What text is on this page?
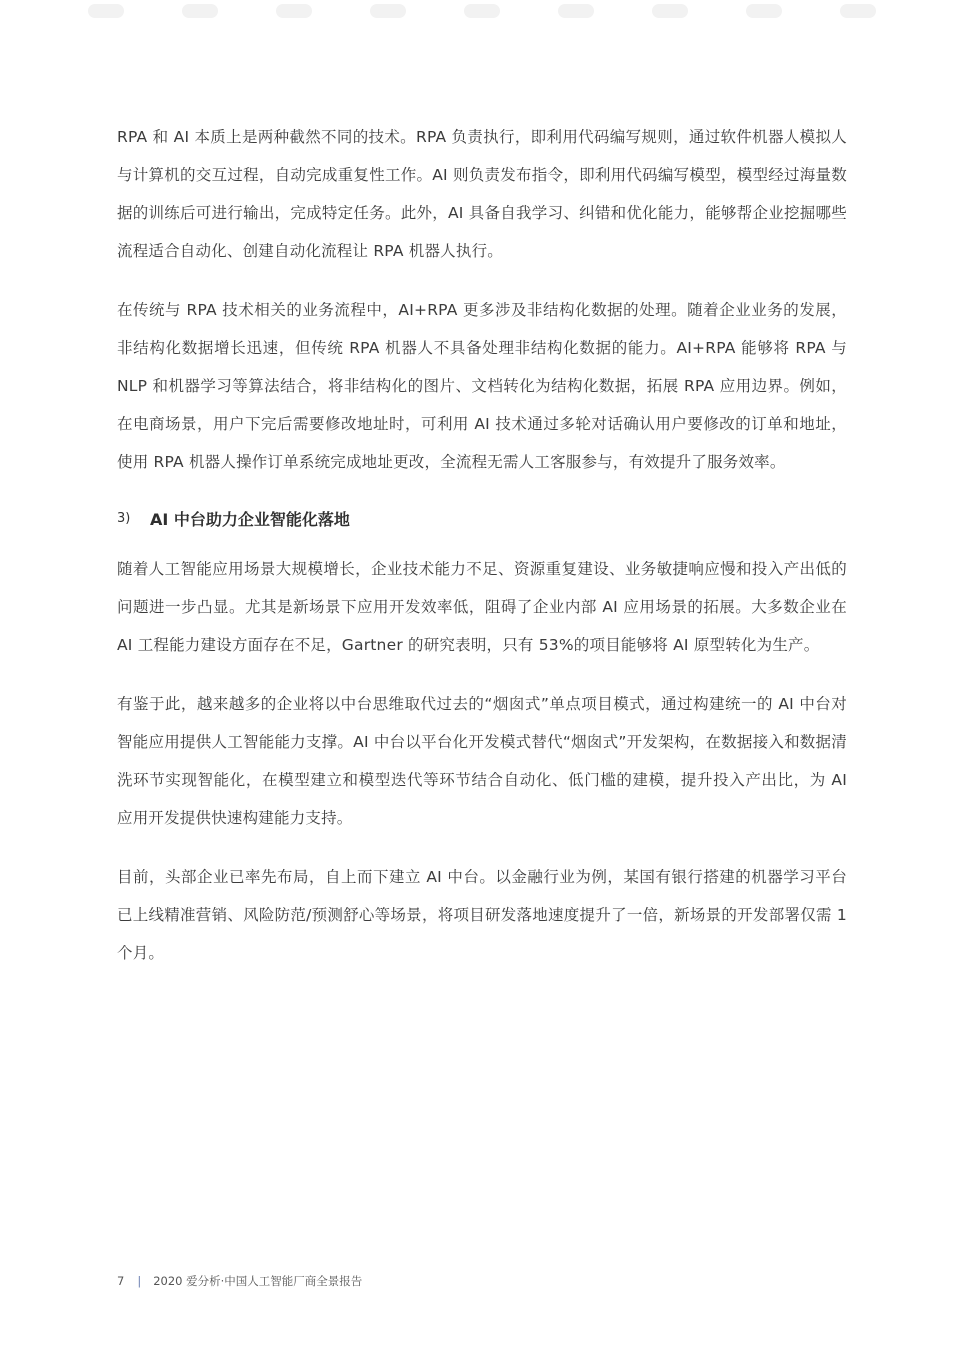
RPA 和 AI 本质上是两种截然不同的技术。RPA 负责执行，即利用代码编写规则，通过软件机器人模拟人与计算机的交互过程，自动完成重复性工作。AI 则负责发布指令，即利用代码编写模型，模型经过海量数据的训练后可进行输出，完成特定任务。此外，AI 具备自我学习、纠错和优化能力，能够帮企业挖掘哪些流程适合自动化、创建自动化流程让 RPA 机器人执行。

在传统与 RPA 技术相关的业务流程中，AI+RPA 更多涉及非结构化数据的处理。随着企业业务的发展，非结构化数据增长迅速，但传统 RPA 机器人不具备处理非结构化数据的能力。AI+RPA 能够将 RPA 与 NLP 和机器学习等算法结合，将非结构化的图片、文档转化为结构化数据，拓展 RPA 应用边界。例如，在电商场景，用户下完后需要修改地址时，可利用 AI 技术通过多轮对话确认用户要修改的订单和地址，使用 RPA 机器人操作订单系统完成地址更改，全流程无需人工客服参与，有效提升了服务效率。

3)	AI 中台助力企业智能化落地

随着人工智能应用场景大规模增长，企业技术能力不足、资源重复建设、业务敏捷响应慢和投入产出低的问题进一步凸显。尤其是新场景下应用开发效率低，阻碍了企业内部 AI 应用场景的拓展。大多数企业在 AI 工程能力建设方面存在不足，Gartner 的研究表明，只有 53%的项目能够将 AI 原型转化为生产。

有鉴于此，越来越多的企业将以中台思维取代过去的“烟囱式”单点项目模式，通过构建统一的 AI 中台对智能应用提供人工智能能力支撑。AI 中台以平台化开发模式替代“烟囱式”开发架构，在数据接入和数据清洗环节实现智能化，在模型建立和模型迭代等环节结合自动化、低门槛的建模，提升投入产出比，为 AI 应用开发提供快速构建能力支持。

目前，头部企业已率先布局，自上而下建立 AI 中台。以金融行业为例，某国有银行搭建的机器学习平台已上线精准营销、风险防范/预测舒心等场景，将项目研发落地速度提升了一倍，新场景的开发部署仅需 1 个月。

7 | 2020 爱分析·中国人工智能厂商全景报告
